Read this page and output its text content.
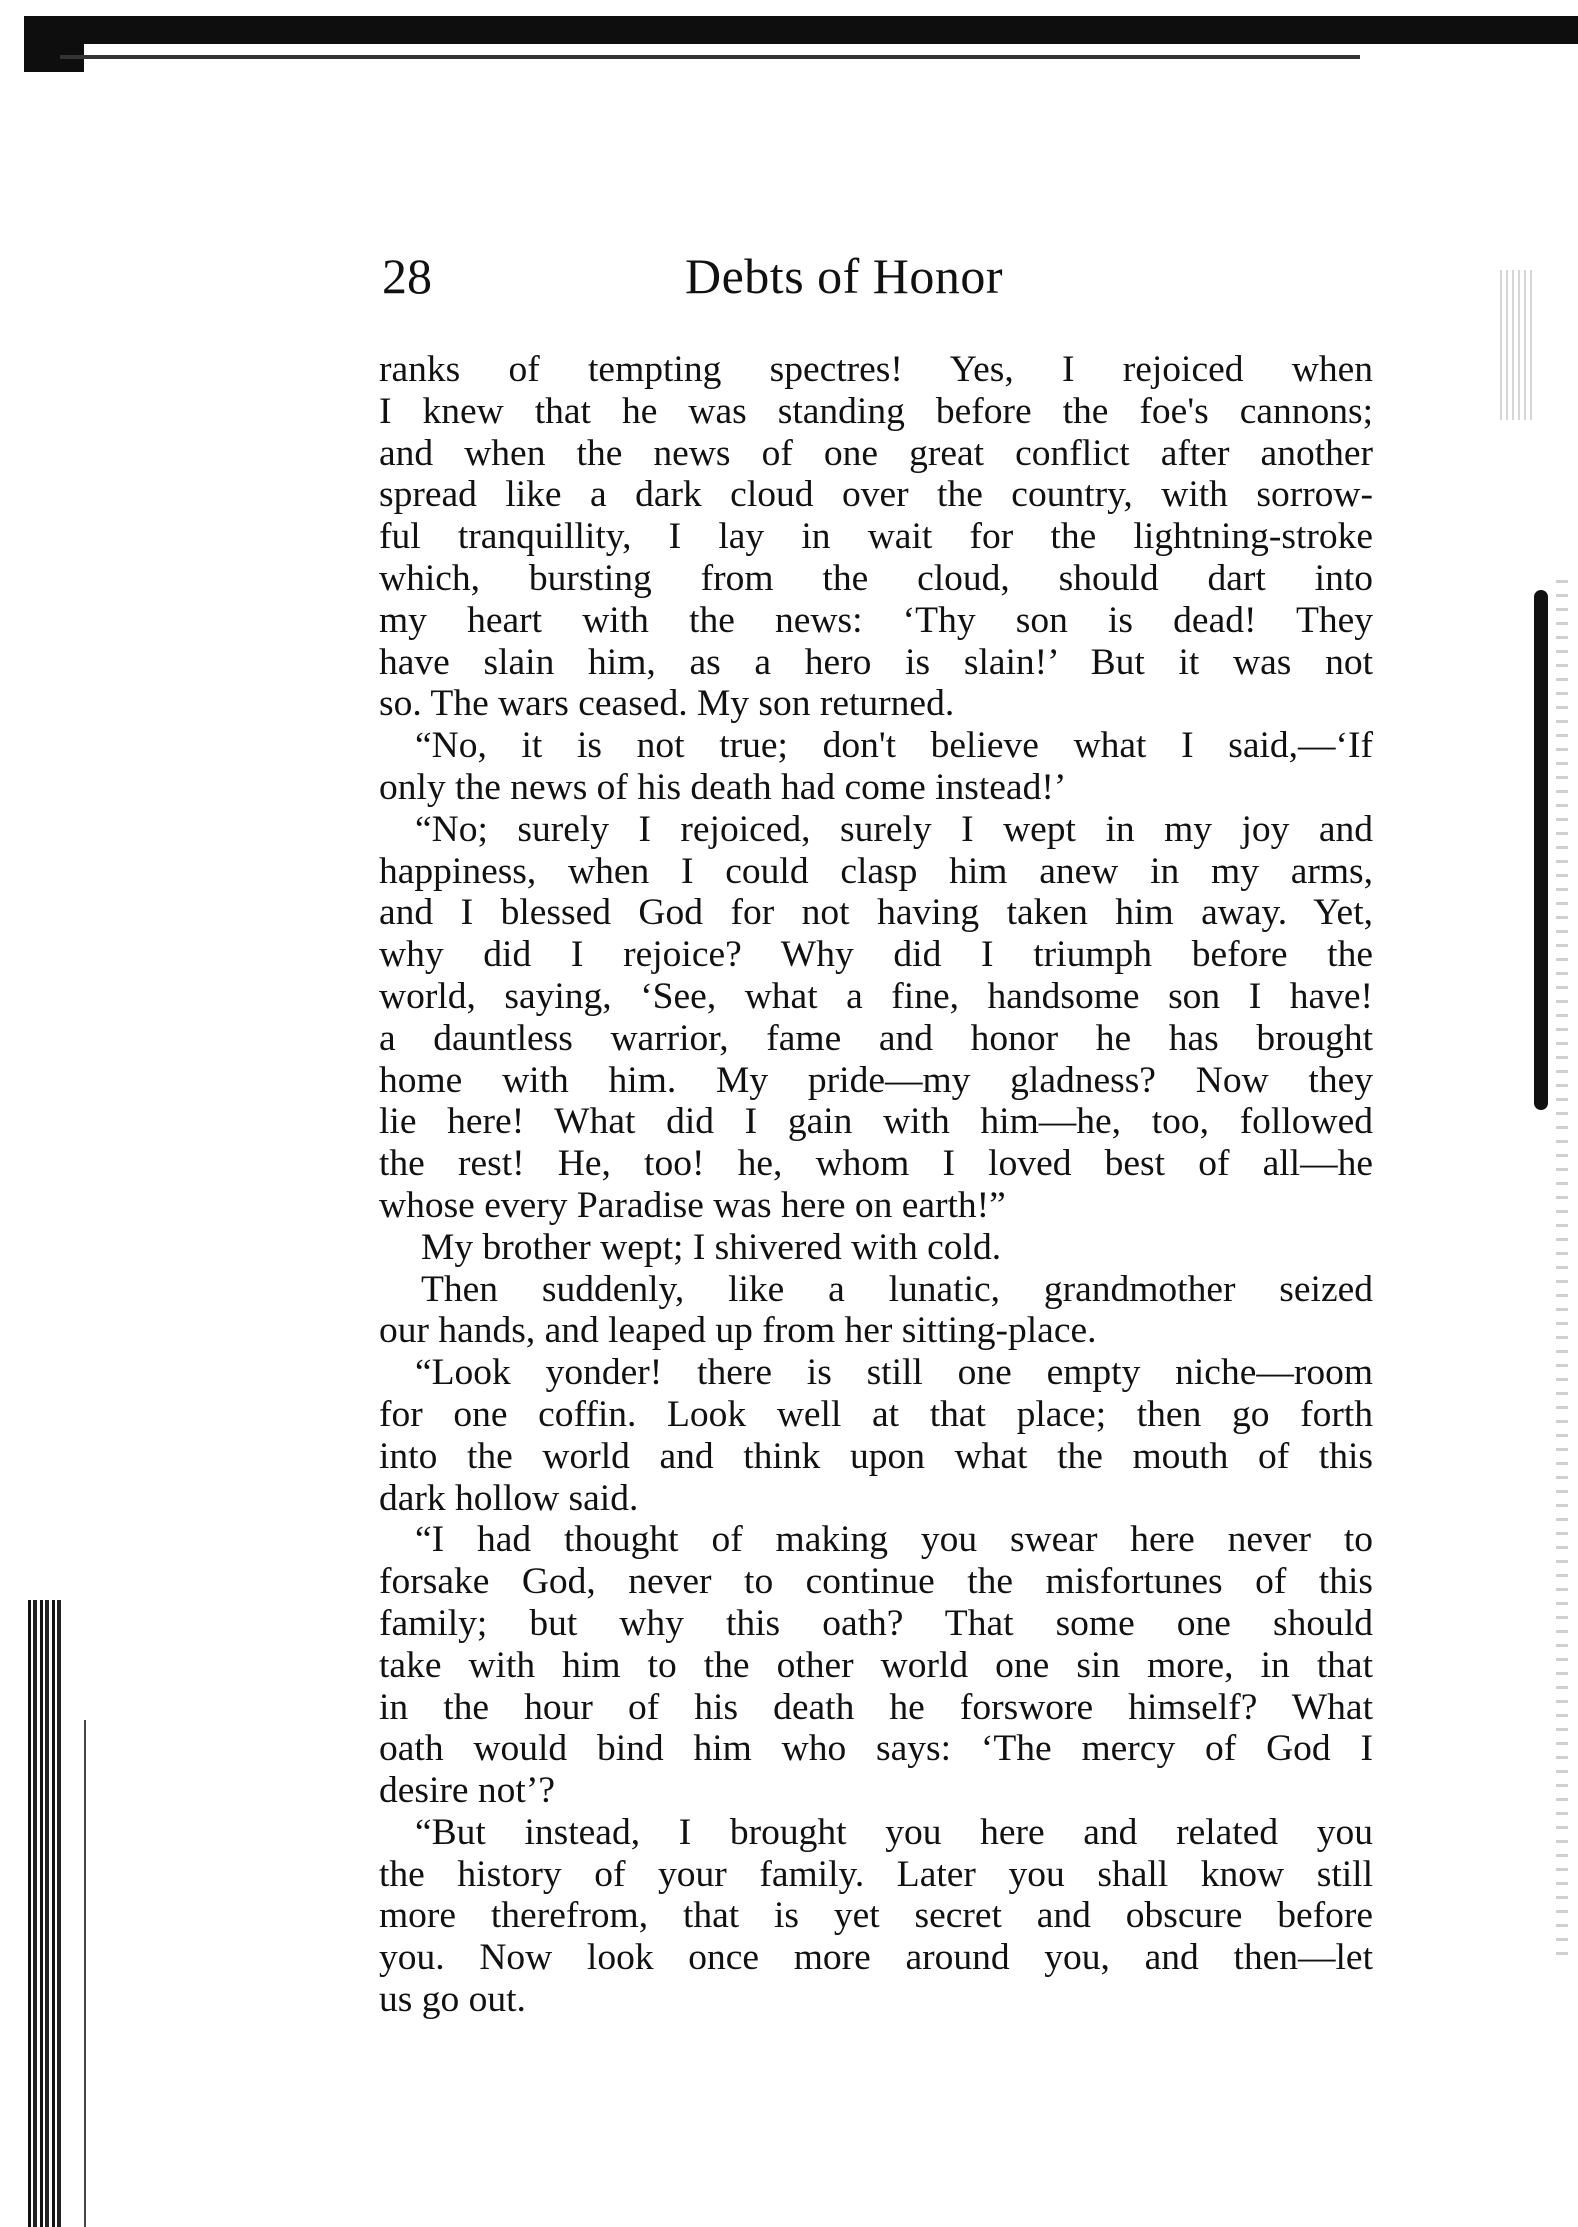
28	Debts of Honor
ranks of tempting spectres! Yes, I rejoiced when
I knew that he was standing before the foe's cannons;
and when the news of one great conflict after another
spread like a dark cloud over the country, with sorrow-
ful tranquillity, I lay in wait for the lightning-stroke
which, bursting from the cloud, should dart into
my heart with the news: ‘Thy son is dead! They
have slain him, as a hero is slain!’ But it was not
so. The wars ceased. My son returned.
“No, it is not true; don't believe what I said,—‘If
only the news of his death had come instead!’
“No; surely I rejoiced, surely I wept in my joy and
happiness, when I could clasp him anew in my arms,
and I blessed God for not having taken him away. Yet,
why did I rejoice? Why did I triumph before the
world, saying, ‘See, what a fine, handsome son I have!
a dauntless warrior, fame and honor he has brought
home with him. My pride—my gladness? Now they
lie here! What did I gain with him—he, too, followed
the rest! He, too! he, whom I loved best of all—he
whose every Paradise was here on earth!”
My brother wept; I shivered with cold.
Then suddenly, like a lunatic, grandmother seized
our hands, and leaped up from her sitting-place.
“Look yonder! there is still one empty niche—room
for one coffin. Look well at that place; then go forth
into the world and think upon what the mouth of this
dark hollow said.
“I had thought of making you swear here never to
forsake God, never to continue the misfortunes of this
family; but why this oath? That some one should
take with him to the other world one sin more, in that
in the hour of his death he forswore himself? What
oath would bind him who says: ‘The mercy of God I
desire not’?
“But instead, I brought you here and related you
the history of your family. Later you shall know still
more therefrom, that is yet secret and obscure before
you. Now look once more around you, and then—let
us go out.
